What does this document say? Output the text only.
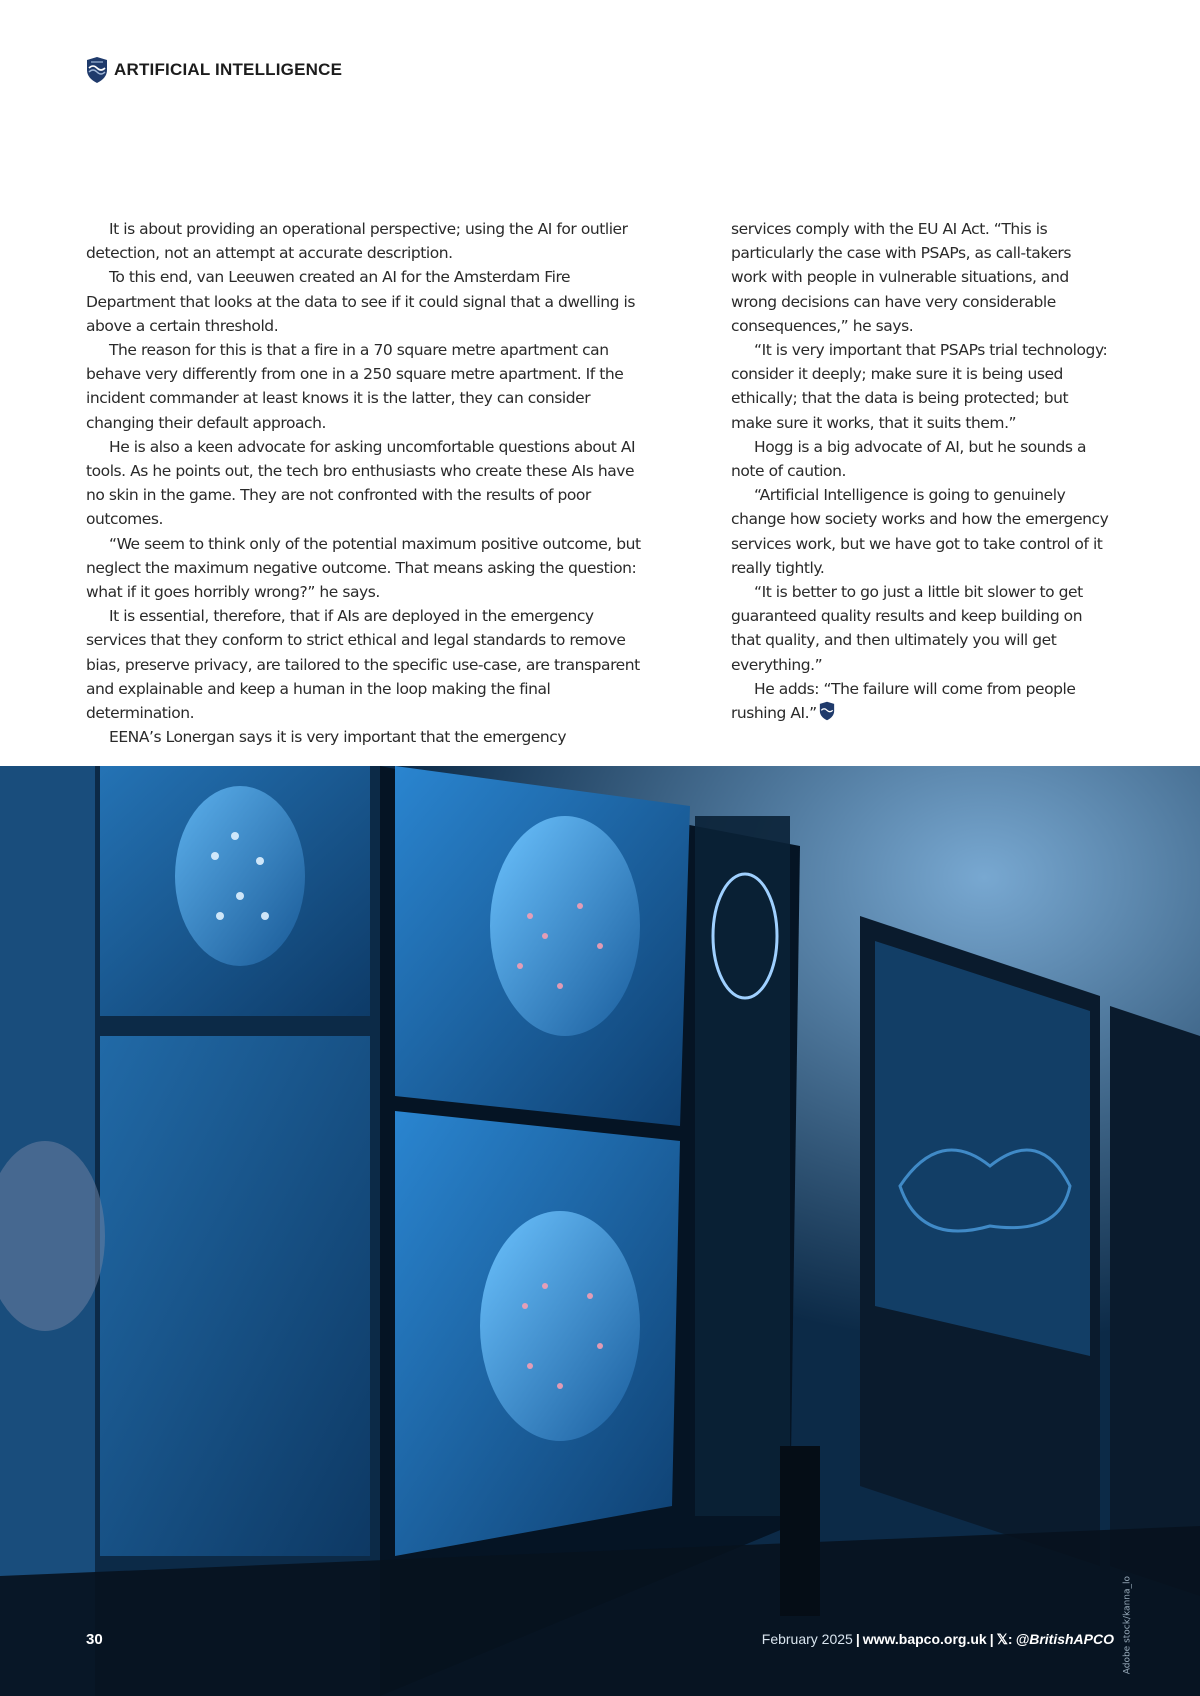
ARTIFICIAL INTELLIGENCE

It is about providing an operational perspective; using the AI for outlier detection, not an attempt at accurate description.

To this end, van Leeuwen created an AI for the Amsterdam Fire Department that looks at the data to see if it could signal that a dwelling is above a certain threshold.

The reason for this is that a fire in a 70 square metre apartment can behave very differently from one in a 250 square metre apartment. If the incident commander at least knows it is the latter, they can consider changing their default approach.

He is also a keen advocate for asking uncomfortable questions about AI tools. As he points out, the tech bro enthusiasts who create these AIs have no skin in the game. They are not confronted with the results of poor outcomes.

“We seem to think only of the potential maximum positive outcome, but neglect the maximum negative outcome. That means asking the question: what if it goes horribly wrong?” he says.

It is essential, therefore, that if AIs are deployed in the emergency services that they conform to strict ethical and legal standards to remove bias, preserve privacy, are tailored to the specific use-case, are transparent and explainable and keep a human in the loop making the final determination.

EENA’s Lonergan says it is very important that the emergency

services comply with the EU AI Act. “This is particularly the case with PSAPs, as call-takers work with people in vulnerable situations, and wrong decisions can have very considerable consequences,” he says.

“It is very important that PSAPs trial technology: consider it deeply; make sure it is being used ethically; that the data is being protected; but make sure it works, that it suits them.”

Hogg is a big advocate of AI, but he sounds a note of caution.

“Artificial Intelligence is going to genuinely change how society works and how the emergency services work, but we have got to take control of it really tightly.

“It is better to go just a little bit slower to get guaranteed quality results and keep building on that quality, and then ultimately you will get everything.”

He adds: “The failure will come from people rushing AI.”

Adobe stock/kanna_lo
30	February 2025 | www.bapco.org.uk | 𝕏: @BritishAPCO
